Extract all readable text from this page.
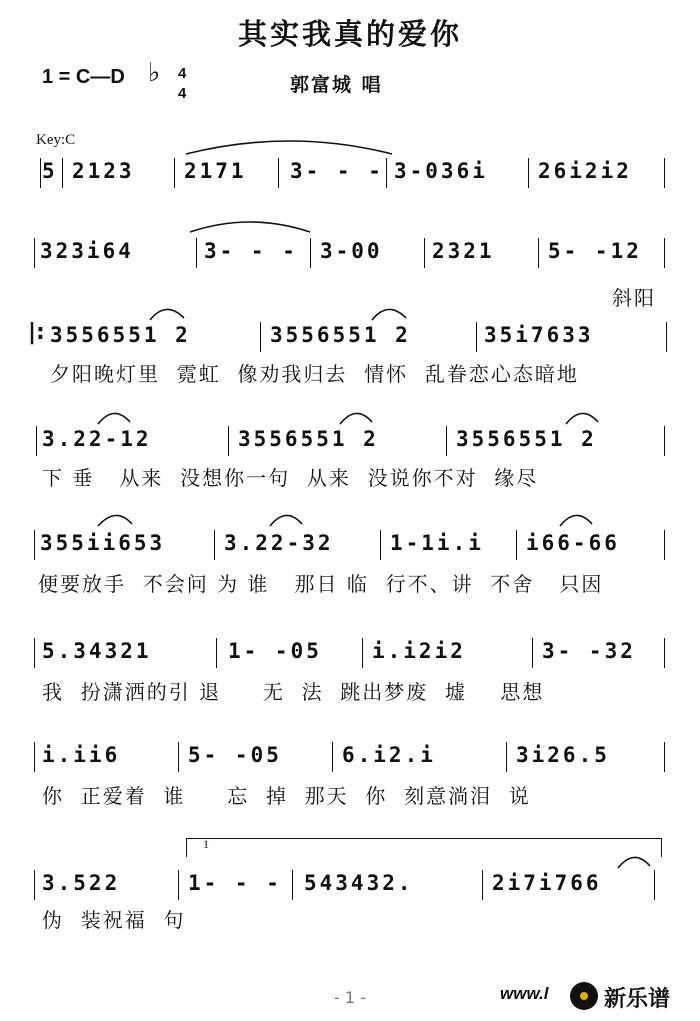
其实我真的爱你
1 = C—D ♭ 4
4	郭富城 唱
Key:C
5 2123 2171 3- - - 3-036i 26i2i2
323i64	3- - - 3-00 2321	5- -12
斜阳
|: 3556551 2	3556551 2	35i7633
夕阳晚灯里  霓虹  像劝我归去  情怀  乱眷恋心态暗地
3.22-12	3556551 2	3556551 2
下 垂   从来  没想你一句  从来  没说你不对  缘尽
355ii653	3.22-32	1-1i.i i66-66
便要放手  不会问 为 谁   那日 临  行不、讲  不舍   只因
5.34321	1- -05 i.i2i2	3- -32
我  扮潇洒的引 退     无  法  跳出梦废  墟    思想
i.ii6	5- -05	6.i2.i	3i26.5
你  正爱着  谁     忘  掉  那天  你  刻意淌泪  说
3.522	1- - - 543432.	2i7i766
伪  装祝福  句
1
- 1 -	www.l	新乐谱
